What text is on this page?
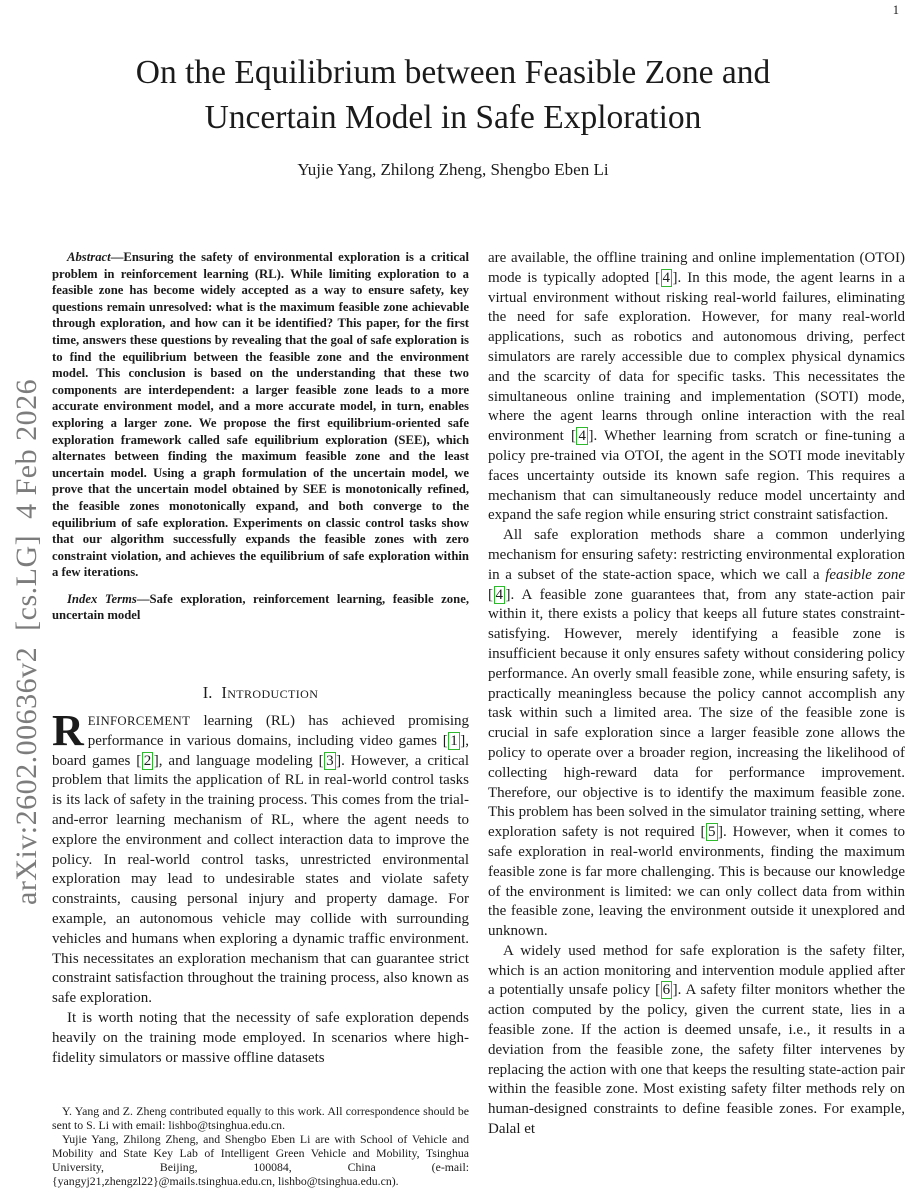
1
arXiv:2602.00636v2  [cs.LG]  4 Feb 2026
On the Equilibrium between Feasible Zone and
Uncertain Model in Safe Exploration
Yujie Yang, Zhilong Zheng, Shengbo Eben Li

Abstract—Ensuring the safety of environmental exploration is a critical problem in reinforcement learning (RL). While limiting exploration to a feasible zone has become widely accepted as a way to ensure safety, key questions remain unresolved: what is the maximum feasible zone achievable through exploration, and how can it be identified? This paper, for the first time, answers these questions by revealing that the goal of safe exploration is to find the equilibrium between the feasible zone and the environment model. This conclusion is based on the understanding that these two components are interdependent: a larger feasible zone leads to a more accurate environment model, and a more accurate model, in turn, enables exploring a larger zone. We propose the first equilibrium-oriented safe exploration framework called safe equilibrium exploration (SEE), which alternates between finding the maximum feasible zone and the least uncertain model. Using a graph formulation of the uncertain model, we prove that the uncertain model obtained by SEE is monotonically refined, the feasible zones monotonically expand, and both converge to the equilibrium of safe exploration. Experiments on classic control tasks show that our algorithm successfully expands the feasible zones with zero constraint violation, and achieves the equilibrium of safe exploration within a few iterations.

Index Terms—Safe exploration, reinforcement learning, feasible zone, uncertain model

I. Introduction

REINFORCEMENT learning (RL) has achieved promising performance in various domains, including video games [ 1 ], board games [ 2 ], and language modeling [ 3 ]. However, a critical problem that limits the application of RL in real-world control tasks is its lack of safety in the training process. This comes from the trial-and-error learning mechanism of RL, where the agent needs to explore the environment and collect interaction data to improve the policy. In real-world control tasks, unrestricted environmental exploration may lead to undesirable states and violate safety constraints, causing personal injury and property damage. For example, an autonomous vehicle may collide with surrounding vehicles and humans when exploring a dynamic traffic environment. This necessitates an exploration mechanism that can guarantee strict constraint satisfaction throughout the training process, also known as safe exploration.

It is worth noting that the necessity of safe exploration depends heavily on the training mode employed. In scenarios where high-fidelity simulators or massive offline datasets

Y. Yang and Z. Zheng contributed equally to this work. All correspondence should be sent to S. Li with email: lishbo@tsinghua.edu.cn.

Yujie Yang, Zhilong Zheng, and Shengbo Eben Li are with School of Vehicle and Mobility and State Key Lab of Intelligent Green Vehicle and Mobility, Tsinghua University, Beijing, 100084, China (e-mail: {yangyj21,zhengzl22}@mails.tsinghua.edu.cn, lishbo@tsinghua.edu.cn).

are available, the offline training and online implementation (OTOI) mode is typically adopted [ 4 ]. In this mode, the agent learns in a virtual environment without risking real-world failures, eliminating the need for safe exploration. However, for many real-world applications, such as robotics and autonomous driving, perfect simulators are rarely accessible due to complex physical dynamics and the scarcity of data for specific tasks. This necessitates the simultaneous online training and implementation (SOTI) mode, where the agent learns through online interaction with the real environment [ 4 ]. Whether learning from scratch or fine-tuning a policy pre-trained via OTOI, the agent in the SOTI mode inevitably faces uncertainty outside its known safe region. This requires a mechanism that can simultaneously reduce model uncertainty and expand the safe region while ensuring strict constraint satisfaction.

All safe exploration methods share a common underlying mechanism for ensuring safety: restricting environmental exploration in a subset of the state-action space, which we call a feasible zone [ 4 ]. A feasible zone guarantees that, from any state-action pair within it, there exists a policy that keeps all future states constraint-satisfying. However, merely identifying a feasible zone is insufficient because it only ensures safety without considering policy performance. An overly small feasible zone, while ensuring safety, is practically meaningless because the policy cannot accomplish any task within such a limited area. The size of the feasible zone is crucial in safe exploration since a larger feasible zone allows the policy to operate over a broader region, increasing the likelihood of collecting high-reward data for performance improvement. Therefore, our objective is to identify the maximum feasible zone. This problem has been solved in the simulator training setting, where exploration safety is not required [ 5 ]. However, when it comes to safe exploration in real-world environments, finding the maximum feasible zone is far more challenging. This is because our knowledge of the environment is limited: we can only collect data from within the feasible zone, leaving the environment outside it unexplored and unknown.

A widely used method for safe exploration is the safety filter, which is an action monitoring and intervention module applied after a potentially unsafe policy [ 6 ]. A safety filter monitors whether the action computed by the policy, given the current state, lies in a feasible zone. If the action is deemed unsafe, i.e., it results in a deviation from the feasible zone, the safety filter intervenes by replacing the action with one that keeps the resulting state-action pair within the feasible zone. Most existing safety filter methods rely on human-designed constraints to define feasible zones. For example, Dalal et
